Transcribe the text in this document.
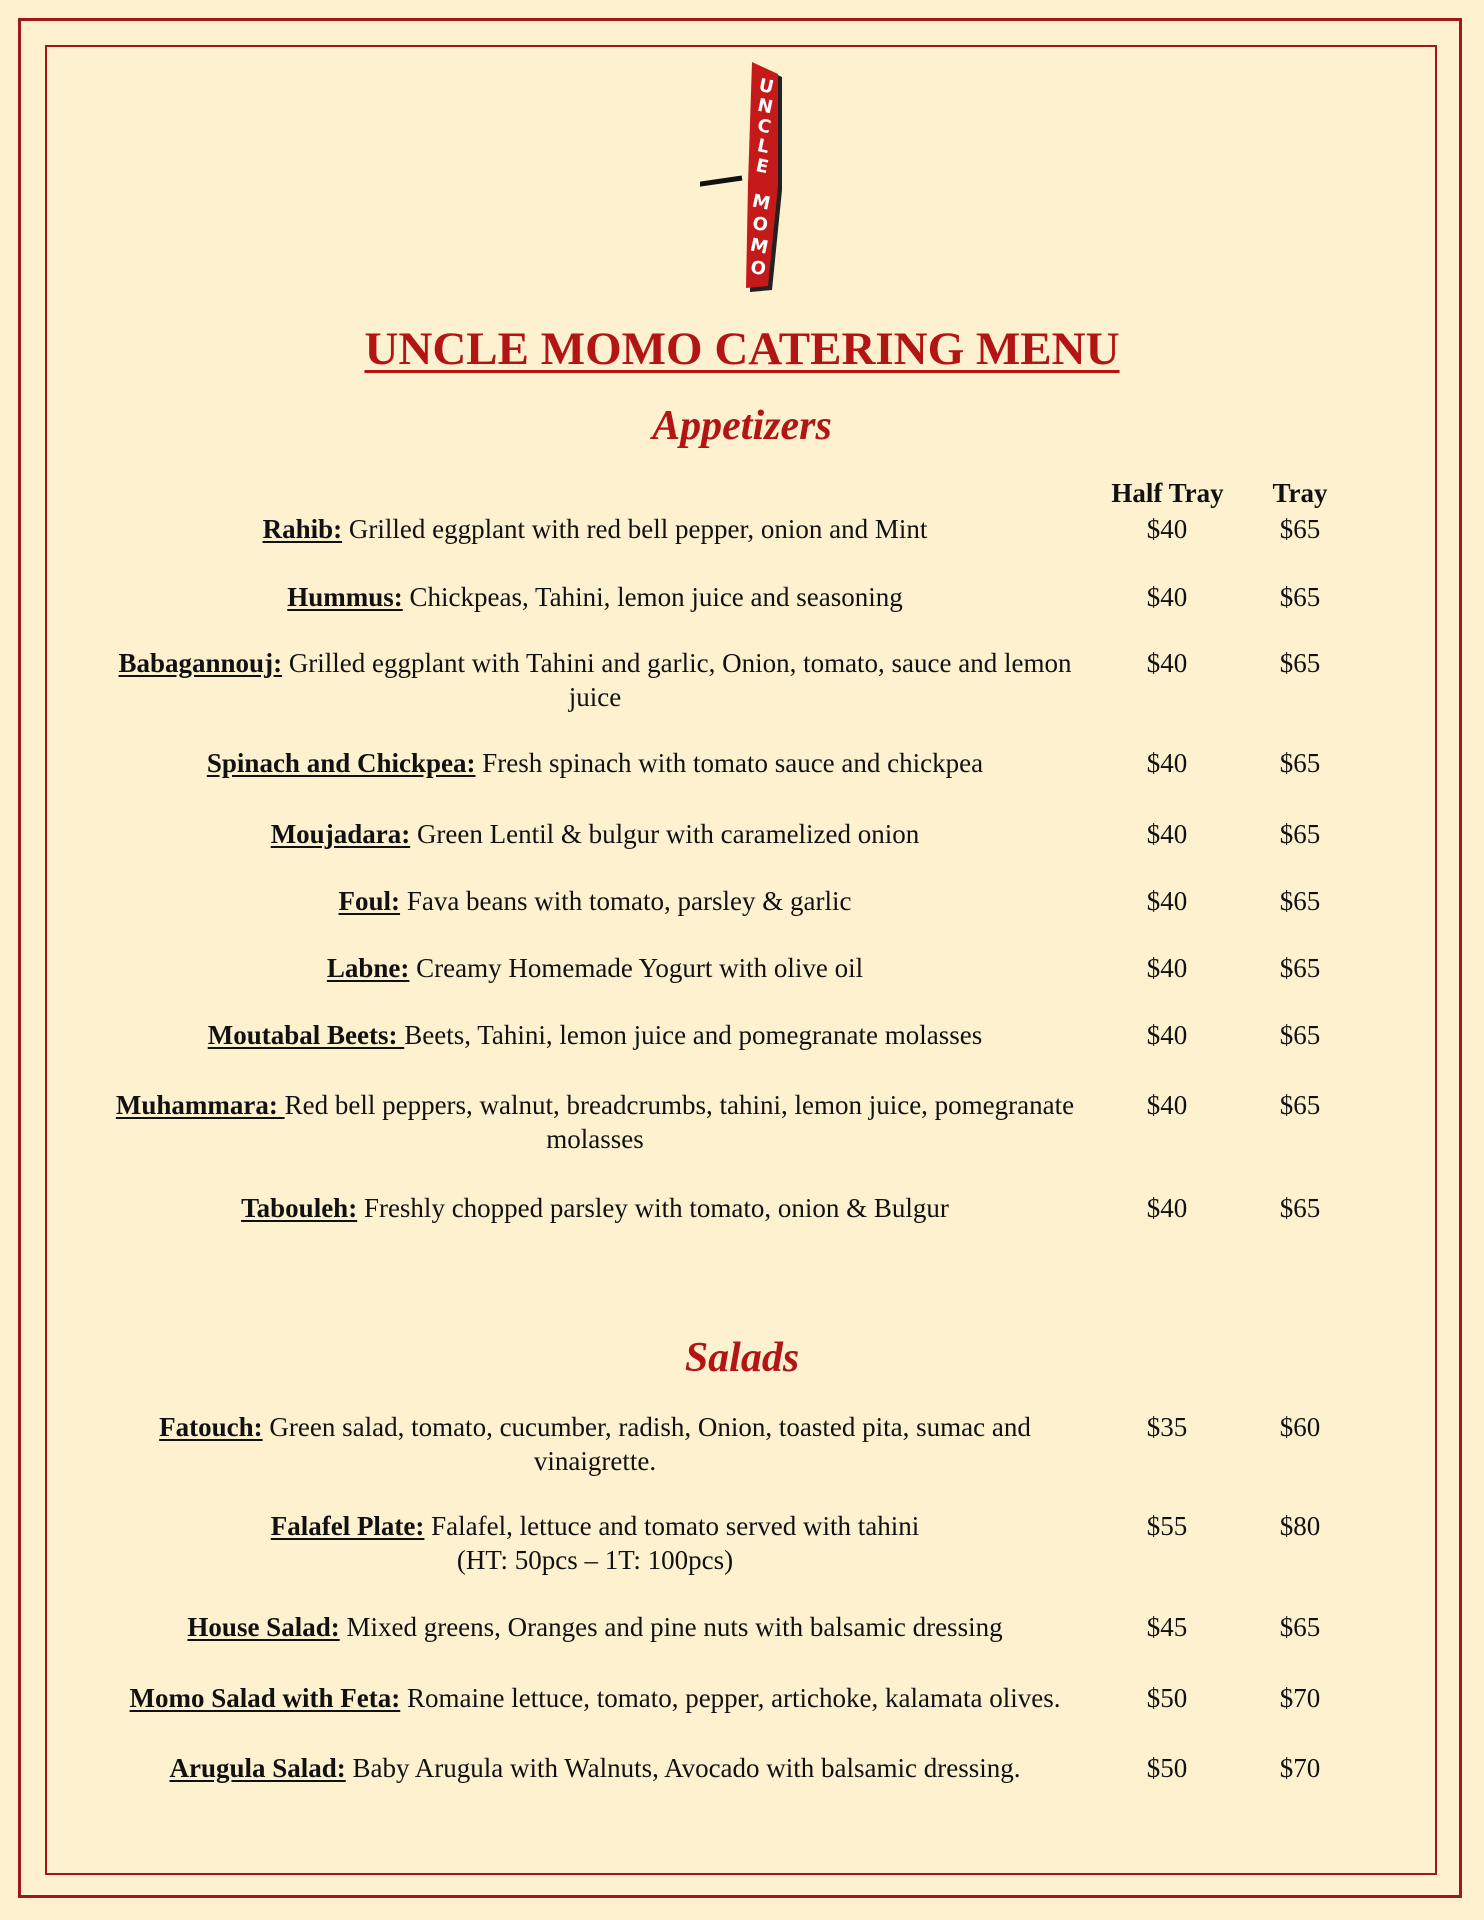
U
N
C
L
E
M
O
M
O
UNCLE MOMO CATERING MENU
Appetizers
Half Tray	Tray
Rahib: Grilled eggplant with red bell pepper, onion and Mint	$40	$65
Hummus: Chickpeas, Tahini, lemon juice and seasoning	$40	$65
Babagannouj: Grilled eggplant with Tahini and garlic, Onion, tomato, sauce and lemon juice
$40	$65
Spinach and Chickpea: Fresh spinach with tomato sauce and chickpea	$40	$65
Moujadara: Green Lentil & bulgur with caramelized onion	$40	$65
Foul: Fava beans with tomato, parsley & garlic	$40	$65
Labne: Creamy Homemade Yogurt with olive oil	$40	$65
Moutabal Beets: Beets, Tahini, lemon juice and pomegranate molasses	$40	$65
Muhammara: Red bell peppers, walnut, breadcrumbs, tahini, lemon juice, pomegranate molasses
$40	$65
Tabouleh: Freshly chopped parsley with tomato, onion & Bulgur	$40	$65
Salads
Fatouch: Green salad, tomato, cucumber, radish, Onion, toasted pita, sumac and vinaigrette.
$35	$60
Falafel Plate: Falafel, lettuce and tomato served with tahini
(HT: 50pcs – 1T: 100pcs)
$55	$80
House Salad: Mixed greens, Oranges and pine nuts with balsamic dressing	$45	$65
Momo Salad with Feta: Romaine lettuce, tomato, pepper, artichoke, kalamata olives.	$50	$70
Arugula Salad: Baby Arugula with Walnuts, Avocado with balsamic dressing.	$50	$70
